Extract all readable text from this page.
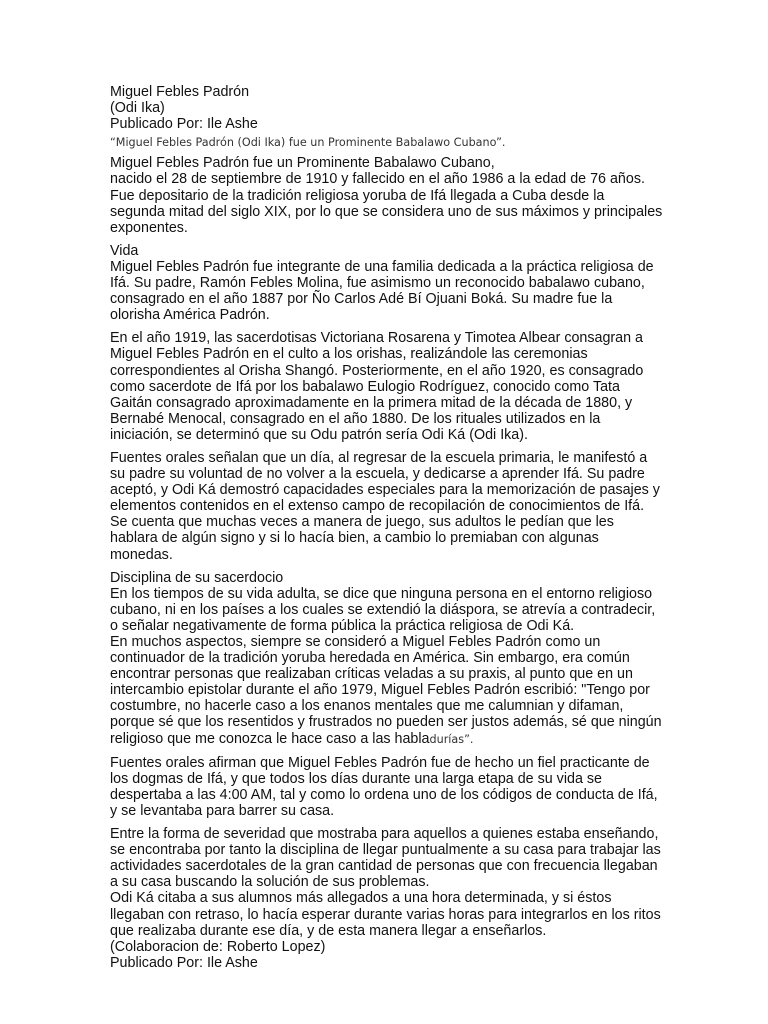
Miguel Febles Padrón
(Odi Ika)
Publicado Por: Ile Ashe
“Miguel Febles Padrón (Odi Ika) fue un Prominente Babalawo Cubano”.
Miguel Febles Padrón fue un Prominente Babalawo Cubano,
nacido el 28 de septiembre de 1910 y fallecido en el año 1986 a la edad de 76 años.
Fue depositario de la tradición religiosa yoruba de Ifá llegada a Cuba desde la
segunda mitad del siglo XIX, por lo que se considera uno de sus máximos y principales
exponentes.
Vida
Miguel Febles Padrón fue integrante de una familia dedicada a la práctica religiosa de
Ifá. Su padre, Ramón Febles Molina, fue asimismo un reconocido babalawo cubano,
consagrado en el año 1887 por Ño Carlos Adé Bí Ojuani Boká. Su madre fue la
olorisha América Padrón.
En el año 1919, las sacerdotisas Victoriana Rosarena y Timotea Albear consagran a
Miguel Febles Padrón en el culto a los orishas, realizándole las ceremonias
correspondientes al Orisha Shangó. Posteriormente, en el año 1920, es consagrado
como sacerdote de Ifá por los babalawo Eulogio Rodríguez, conocido como Tata
Gaitán consagrado aproximadamente en la primera mitad de la década de 1880, y
Bernabé Menocal, consagrado en el año 1880. De los rituales utilizados en la
iniciación, se determinó que su Odu patrón sería Odi Ká (Odi Ika).
Fuentes orales señalan que un día, al regresar de la escuela primaria, le manifestó a
su padre su voluntad de no volver a la escuela, y dedicarse a aprender Ifá. Su padre
aceptó, y Odi Ká demostró capacidades especiales para la memorización de pasajes y
elementos contenidos en el extenso campo de recopilación de conocimientos de Ifá.
Se cuenta que muchas veces a manera de juego, sus adultos le pedían que les
hablara de algún signo y si lo hacía bien, a cambio lo premiaban con algunas
monedas.
Disciplina de su sacerdocio
En los tiempos de su vida adulta, se dice que ninguna persona en el entorno religioso
cubano, ni en los países a los cuales se extendió la diáspora, se atrevía a contradecir,
o señalar negativamente de forma pública la práctica religiosa de Odi Ká.
En muchos aspectos, siempre se consideró a Miguel Febles Padrón como un
continuador de la tradición yoruba heredada en América. Sin embargo, era común
encontrar personas que realizaban críticas veladas a su praxis, al punto que en un
intercambio epistolar durante el año 1979, Miguel Febles Padrón escribió: "Tengo por
costumbre, no hacerle caso a los enanos mentales que me calumnian y difaman,
porque sé que los resentidos y frustrados no pueden ser justos además, sé que ningún
religioso que me conozca le hace caso a las habladurías”.
Fuentes orales afirman que Miguel Febles Padrón fue de hecho un fiel practicante de
los dogmas de Ifá, y que todos los días durante una larga etapa de su vida se
despertaba a las 4:00 AM, tal y como lo ordena uno de los códigos de conducta de Ifá,
y se levantaba para barrer su casa.
Entre la forma de severidad que mostraba para aquellos a quienes estaba enseñando,
se encontraba por tanto la disciplina de llegar puntualmente a su casa para trabajar las
actividades sacerdotales de la gran cantidad de personas que con frecuencia llegaban
a su casa buscando la solución de sus problemas.
Odi Ká citaba a sus alumnos más allegados a una hora determinada, y si éstos
llegaban con retraso, lo hacía esperar durante varias horas para integrarlos en los ritos
que realizaba durante ese día, y de esta manera llegar a enseñarlos.
(Colaboracion de: Roberto Lopez)
Publicado Por: Ile Ashe
